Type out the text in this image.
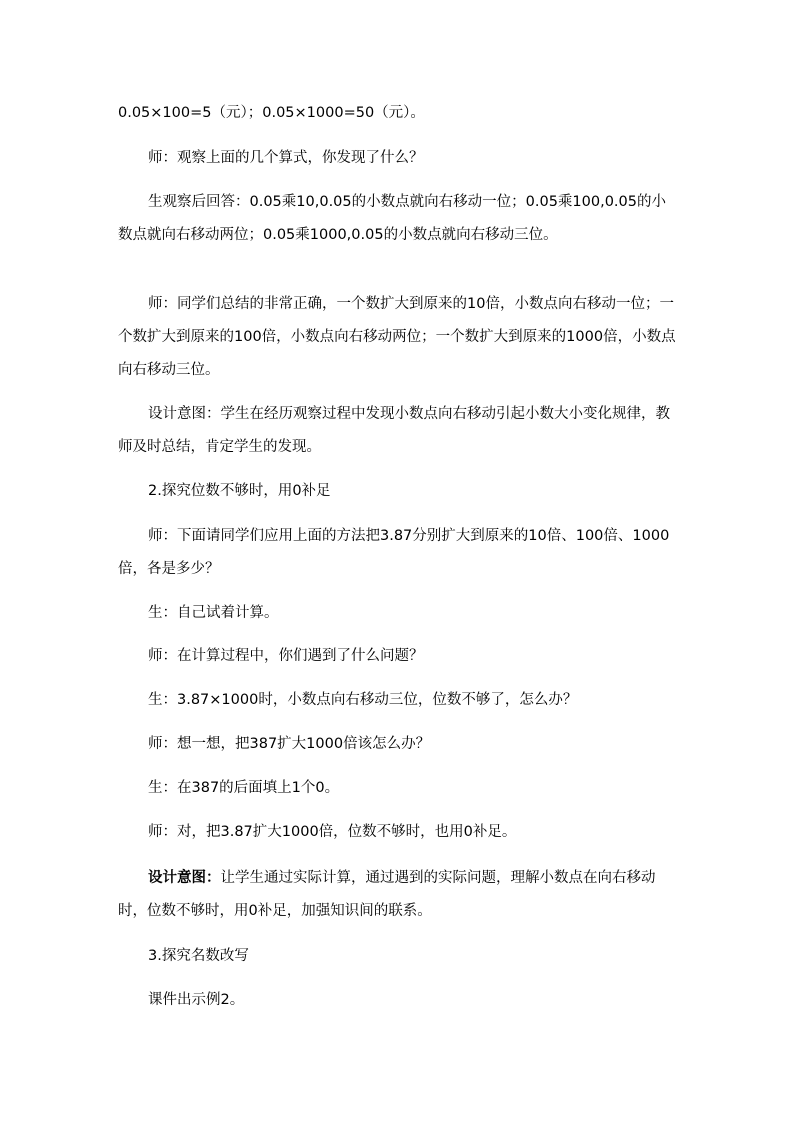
0.05×100=5（元）；0.05×1000=50（元）。

师：观察上面的几个算式，你发现了什么？

生观察后回答：0.05乘10,0.05的小数点就向右移动一位；0.05乘100,0.05的小数点就向右移动两位；0.05乘1000,0.05的小数点就向右移动三位。

师：同学们总结的非常正确，一个数扩大到原来的10倍，小数点向右移动一位；一个数扩大到原来的100倍，小数点向右移动两位；一个数扩大到原来的1000倍，小数点向右移动三位。

设计意图：学生在经历观察过程中发现小数点向右移动引起小数大小变化规律，教师及时总结，肯定学生的发现。

2.探究位数不够时，用0补足

师：下面请同学们应用上面的方法把3.87分别扩大到原来的10倍、100倍、1000倍，各是多少？

生：自己试着计算。

师：在计算过程中，你们遇到了什么问题？

生：3.87×1000时，小数点向右移动三位，位数不够了，怎么办？

师：想一想，把387扩大1000倍该怎么办？

生：在387的后面填上1个0。

师：对，把3.87扩大1000倍，位数不够时，也用0补足。

设计意图：让学生通过实际计算，通过遇到的实际问题，理解小数点在向右移动时，位数不够时，用0补足，加强知识间的联系。

3.探究名数改写

课件出示例2。
